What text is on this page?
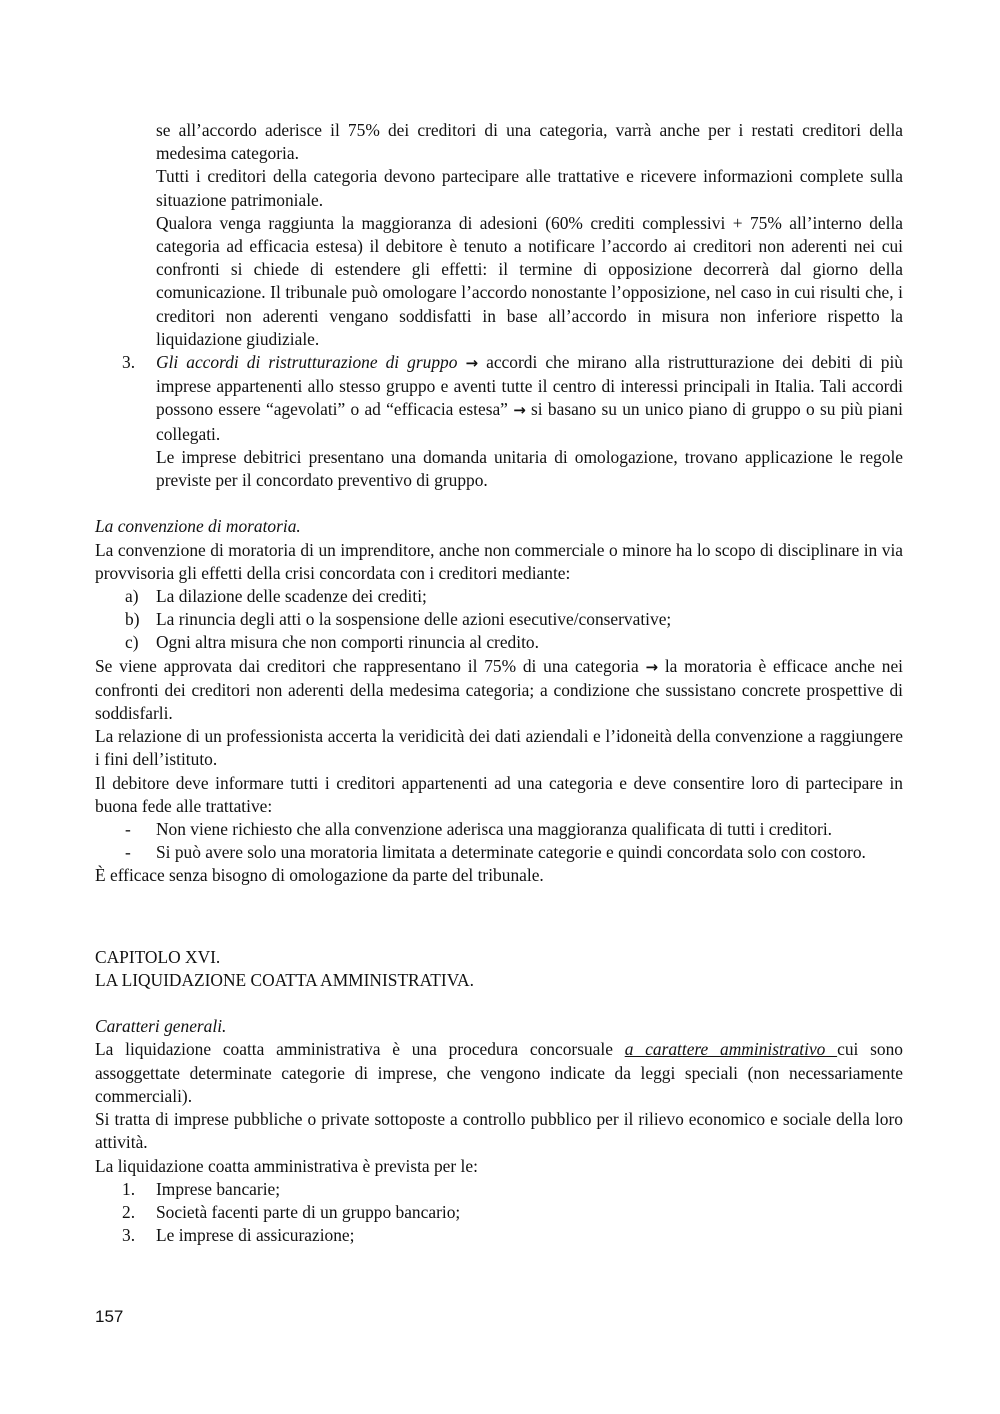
se all’accordo aderisce il 75% dei creditori di una categoria, varrà anche per i restati creditori della medesima categoria.

Tutti i creditori della categoria devono partecipare alle trattative e ricevere informazioni complete sulla situazione patrimoniale.

Qualora venga raggiunta la maggioranza di adesioni (60% crediti complessivi + 75% all’interno della categoria ad efficacia estesa) il debitore è tenuto a notificare l’accordo ai creditori non aderenti nei cui confronti si chiede di estendere gli effetti: il termine di opposizione decorrerà dal giorno della comunicazione. Il tribunale può omologare l’accordo nonostante l’opposizione, nel caso in cui risulti che, i creditori non aderenti vengano soddisfatti in base all’accordo in misura non inferiore rispetto la liquidazione giudiziale.

3. Gli accordi di ristrutturazione di gruppo → accordi che mirano alla ristrutturazione dei debiti di più imprese appartenenti allo stesso gruppo e aventi tutte il centro di interessi principali in Italia. Tali accordi possono essere “agevolati” o ad “efficacia estesa” → si basano su un unico piano di gruppo o su più piani collegati.

Le imprese debitrici presentano una domanda unitaria di omologazione, trovano applicazione le regole previste per il concordato preventivo di gruppo.

La convenzione di moratoria.

La convenzione di moratoria di un imprenditore, anche non commerciale o minore ha lo scopo di disciplinare in via provvisoria gli effetti della crisi concordata con i creditori mediante:

a) La dilazione delle scadenze dei crediti;
b) La rinuncia degli atti o la sospensione delle azioni esecutive/conservative;
c) Ogni altra misura che non comporti rinuncia al credito.

Se viene approvata dai creditori che rappresentano il 75% di una categoria → la moratoria è efficace anche nei confronti dei creditori non aderenti della medesima categoria; a condizione che sussistano concrete prospettive di soddisfarli.

La relazione di un professionista accerta la veridicità dei dati aziendali e l’idoneità della convenzione a raggiungere i fini dell’istituto.

Il debitore deve informare tutti i creditori appartenenti ad una categoria e deve consentire loro di partecipare in buona fede alle trattative:

- Non viene richiesto che alla convenzione aderisca una maggioranza qualificata di tutti i creditori.
- Si può avere solo una moratoria limitata a determinate categorie e quindi concordata solo con costoro.

È efficace senza bisogno di omologazione da parte del tribunale.

CAPITOLO XVI.

LA LIQUIDAZIONE COATTA AMMINISTRATIVA.

Caratteri generali.

La liquidazione coatta amministrativa è una procedura concorsuale a carattere amministrativo cui sono assoggettate determinate categorie di imprese, che vengono indicate da leggi speciali (non necessariamente commerciali).

Si tratta di imprese pubbliche o private sottoposte a controllo pubblico per il rilievo economico e sociale della loro attività.

La liquidazione coatta amministrativa è prevista per le:

1. Imprese bancarie;
2. Società facenti parte di un gruppo bancario;
3. Le imprese di assicurazione;
157
